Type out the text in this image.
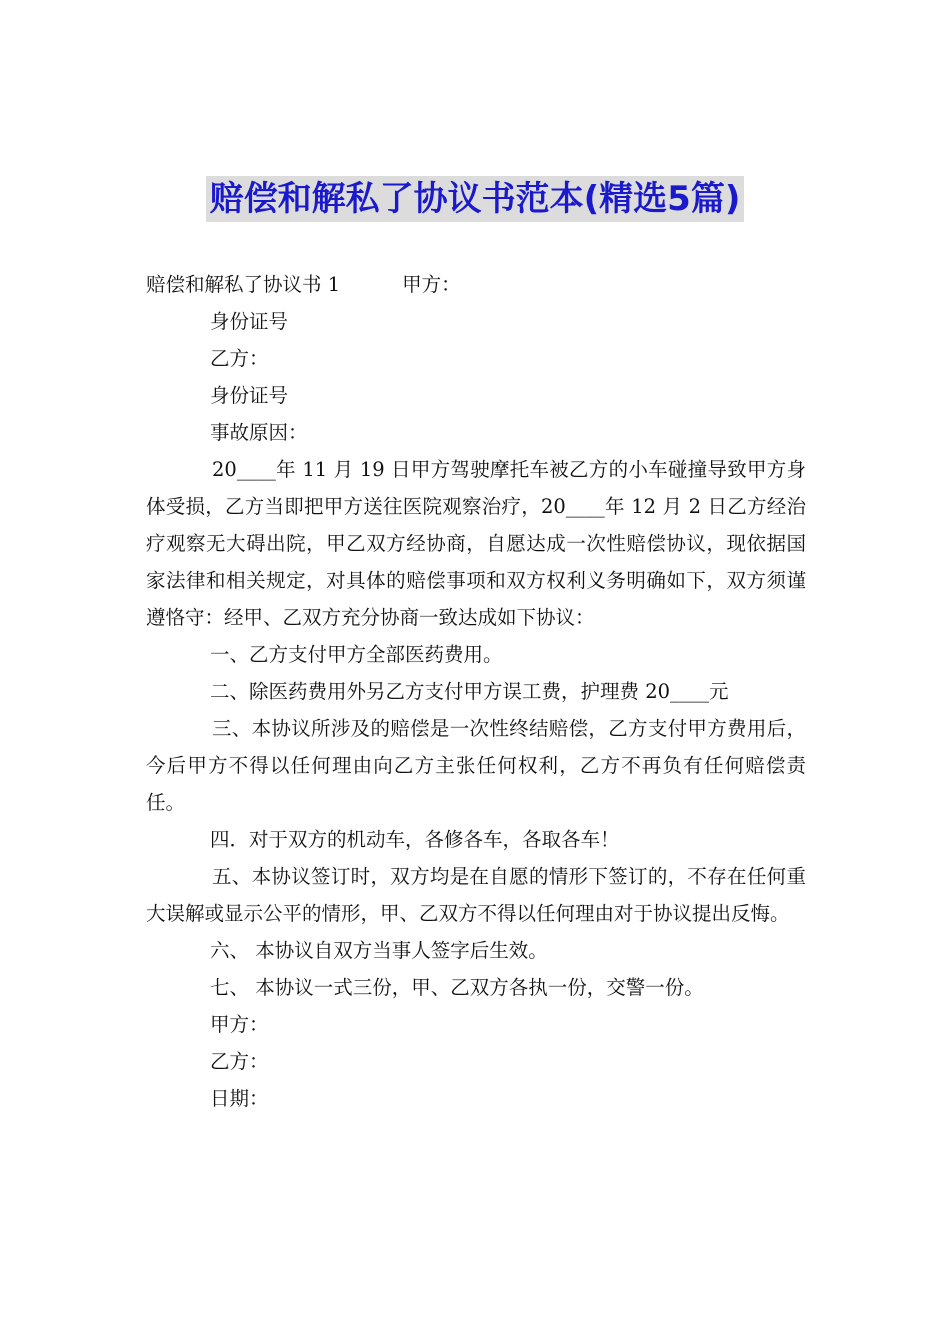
赔偿和解私了协议书范本(精选5篇)
赔偿和解私了协议书 1	甲方：

身份证号

乙方：

身份证号

事故原因：

20____年 11 月 19 日甲方驾驶摩托车被乙方的小车碰撞导致甲方身体受损，乙方当即把甲方送往医院观察治疗，20____年 12 月 2 日乙方经治疗观察无大碍出院，甲乙双方经协商，自愿达成一次性赔偿协议，现依据国家法律和相关规定，对具体的赔偿事项和双方权利义务明确如下，双方须谨遵恪守：经甲、乙双方充分协商一致达成如下协议：

一、乙方支付甲方全部医药费用。

二、除医药费用外另乙方支付甲方误工费，护理费 20____元

三、本协议所涉及的赔偿是一次性终结赔偿，乙方支付甲方费用后，今后甲方不得以任何理由向乙方主张任何权利，乙方不再负有任何赔偿责任。

四．对于双方的机动车，各修各车，各取各车！

五、本协议签订时，双方均是在自愿的情形下签订的，不存在任何重大误解或显示公平的情形，甲、乙双方不得以任何理由对于协议提出反悔。

六、 本协议自双方当事人签字后生效。

七、 本协议一式三份，甲、乙双方各执一份，交警一份。

甲方：

乙方：

日期：
